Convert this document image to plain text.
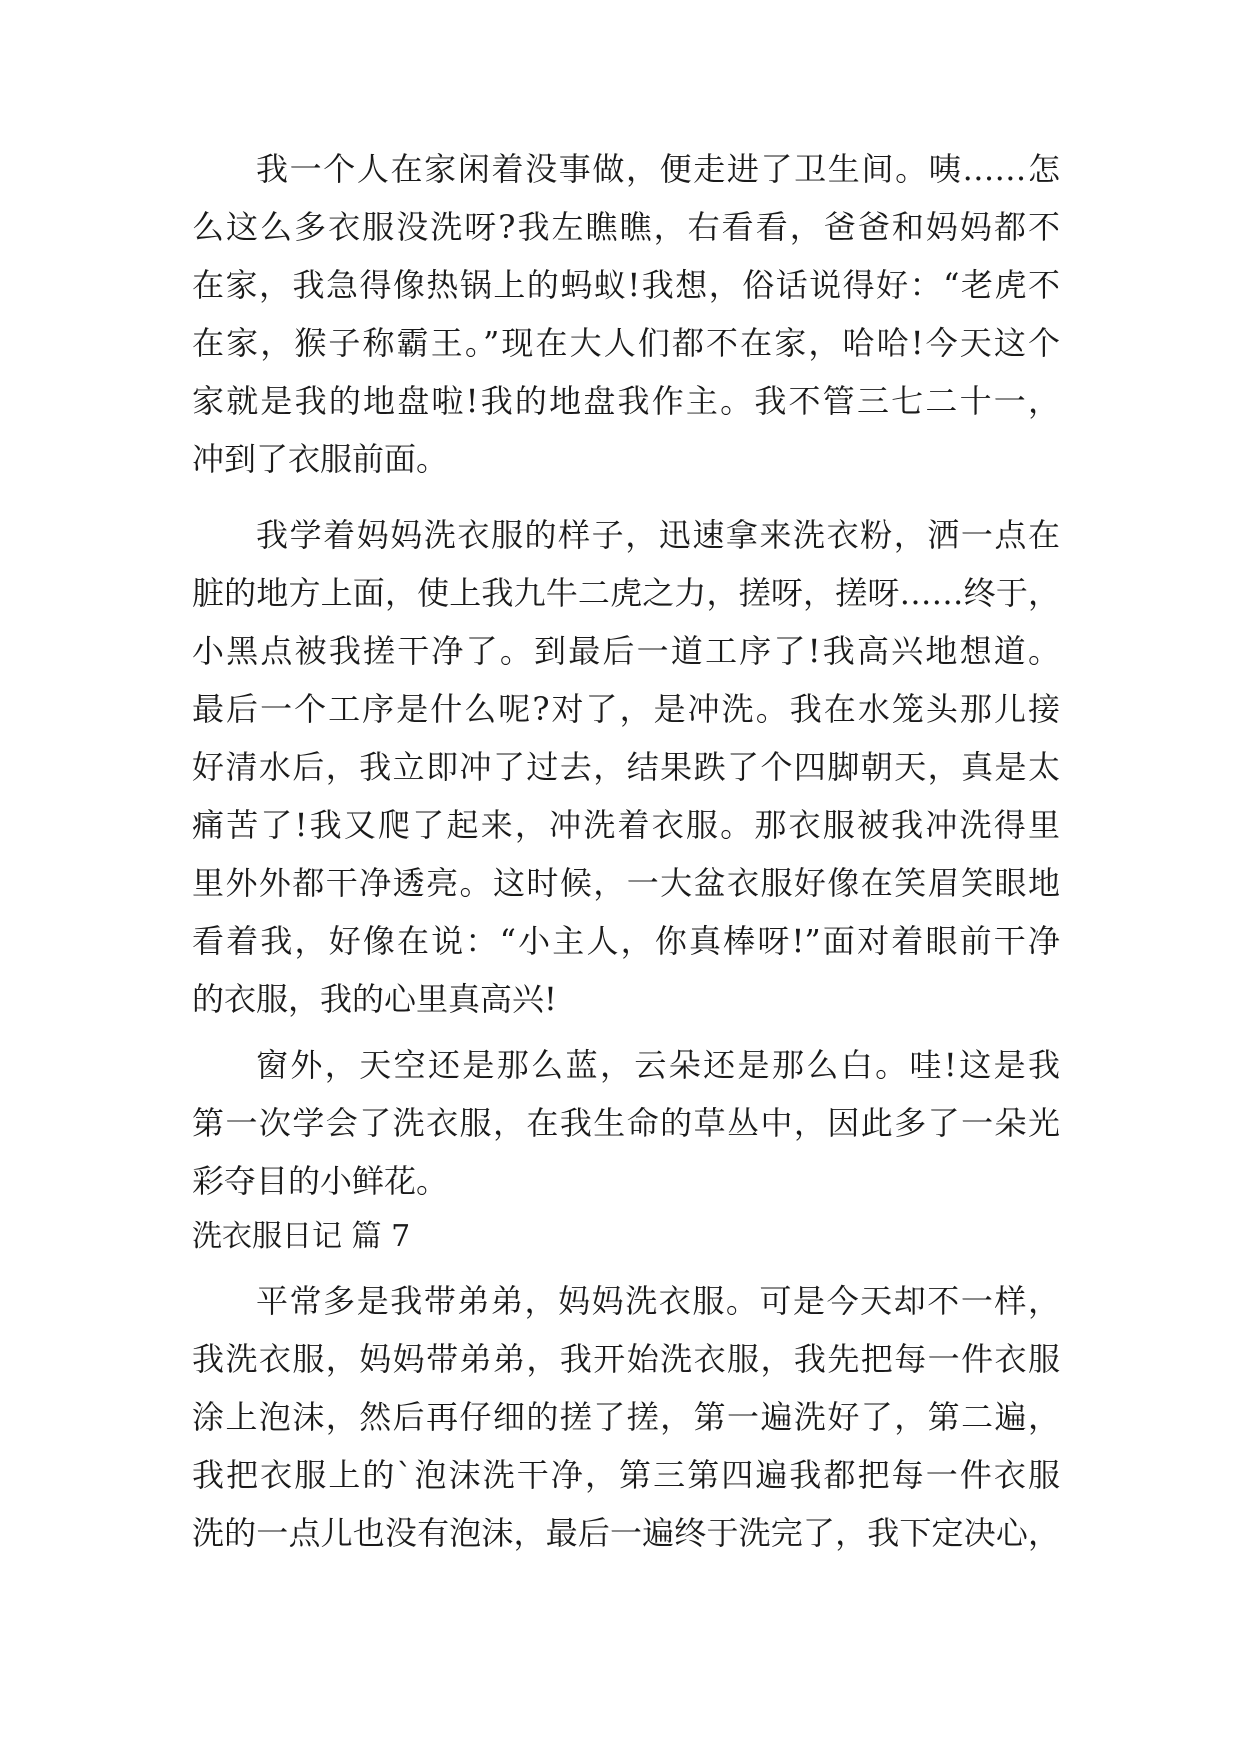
我一个人在家闲着没事做，便走进了卫生间。咦……怎
么这么多衣服没洗呀?我左瞧瞧，右看看，爸爸和妈妈都不
在家，我急得像热锅上的蚂蚁!我想，俗话说得好：“老虎不
在家，猴子称霸王。”现在大人们都不在家，哈哈!今天这个
家就是我的地盘啦!我的地盘我作主。我不管三七二十一，
冲到了衣服前面。
我学着妈妈洗衣服的样子，迅速拿来洗衣粉，洒一点在
脏的地方上面，使上我九牛二虎之力，搓呀，搓呀……终于，
小黑点被我搓干净了。到最后一道工序了!我高兴地想道。
最后一个工序是什么呢?对了，是冲洗。我在水笼头那儿接
好清水后，我立即冲了过去，结果跌了个四脚朝天，真是太
痛苦了!我又爬了起来，冲洗着衣服。那衣服被我冲洗得里
里外外都干净透亮。这时候，一大盆衣服好像在笑眉笑眼地
看着我，好像在说：“小主人，你真棒呀!”面对着眼前干净
的衣服，我的心里真高兴!
窗外，天空还是那么蓝，云朵还是那么白。哇!这是我
第一次学会了洗衣服，在我生命的草丛中，因此多了一朵光
彩夺目的小鲜花。
洗衣服日记 篇 7
平常多是我带弟弟，妈妈洗衣服。可是今天却不一样，
我洗衣服，妈妈带弟弟，我开始洗衣服，我先把每一件衣服
涂上泡沫，然后再仔细的搓了搓，第一遍洗好了，第二遍，
我把衣服上的`泡沫洗干净，第三第四遍我都把每一件衣服
洗的一点儿也没有泡沫，最后一遍终于洗完了，我下定决心，
